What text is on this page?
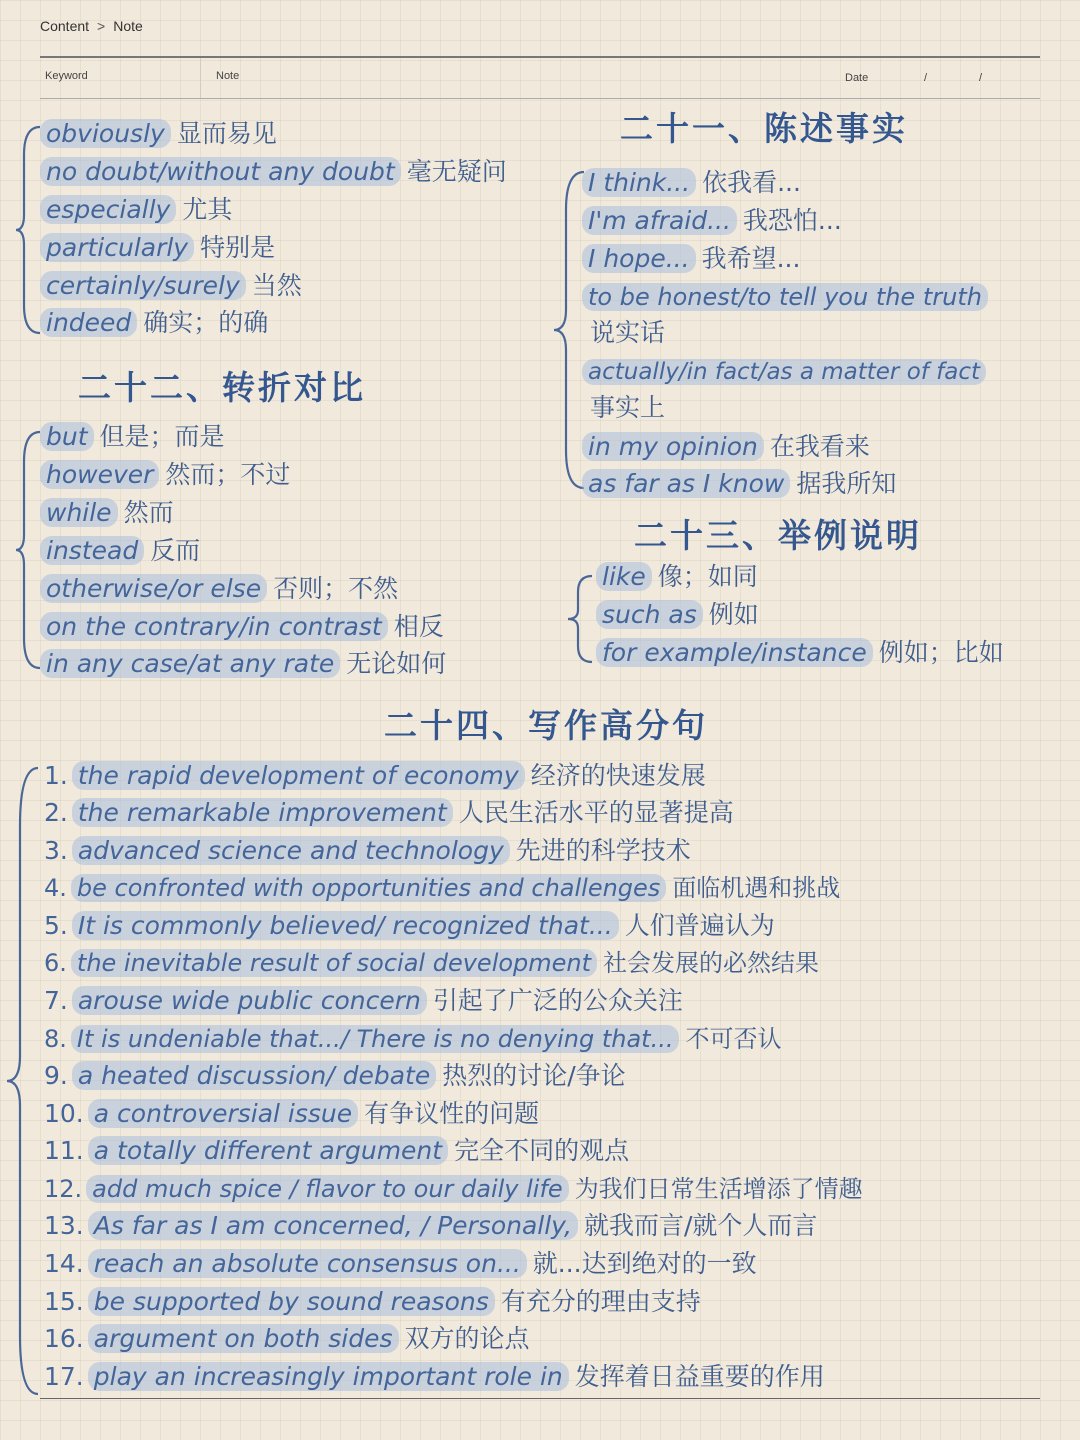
Content > Note
Keyword	Note	Date	/	/
obviously 显而易见
no doubt/without any doubt 毫无疑问
especially 尤其
particularly 特别是
certainly/surely 当然
indeed 确实；的确
二十一、陈述事实
I think... 依我看...
I'm afraid... 我恐怕...
I hope... 我希望...
to be honest/to tell you the truth
说实话
actually/in fact/as a matter of fact
事实上
in my opinion 在我看来
as far as I know 据我所知
二十二、转折对比
but 但是；而是
however 然而；不过
while 然而
instead 反而
otherwise/or else 否则；不然
on the contrary/in contrast 相反
in any case/at any rate 无论如何
二十三、举例说明
like 像；如同
such as 例如
for example/instance 例如；比如
二十四、写作高分句
1. the rapid development of economy 经济的快速发展
2. the remarkable improvement 人民生活水平的显著提高
3. advanced science and technology 先进的科学技术
4. be confronted with opportunities and challenges 面临机遇和挑战
5. It is commonly believed/ recognized that... 人们普遍认为
6. the inevitable result of social development 社会发展的必然结果
7. arouse wide public concern 引起了广泛的公众关注
8. It is undeniable that.../ There is no denying that... 不可否认
9. a heated discussion/ debate 热烈的讨论/争论
10. a controversial issue 有争议性的问题
11. a totally different argument 完全不同的观点
12. add much spice / flavor to our daily life 为我们日常生活增添了情趣
13. As far as I am concerned, / Personally, 就我而言/就个人而言
14. reach an absolute consensus on... 就...达到绝对的一致
15. be supported by sound reasons 有充分的理由支持
16. argument on both sides 双方的论点
17. play an increasingly important role in 发挥着日益重要的作用
